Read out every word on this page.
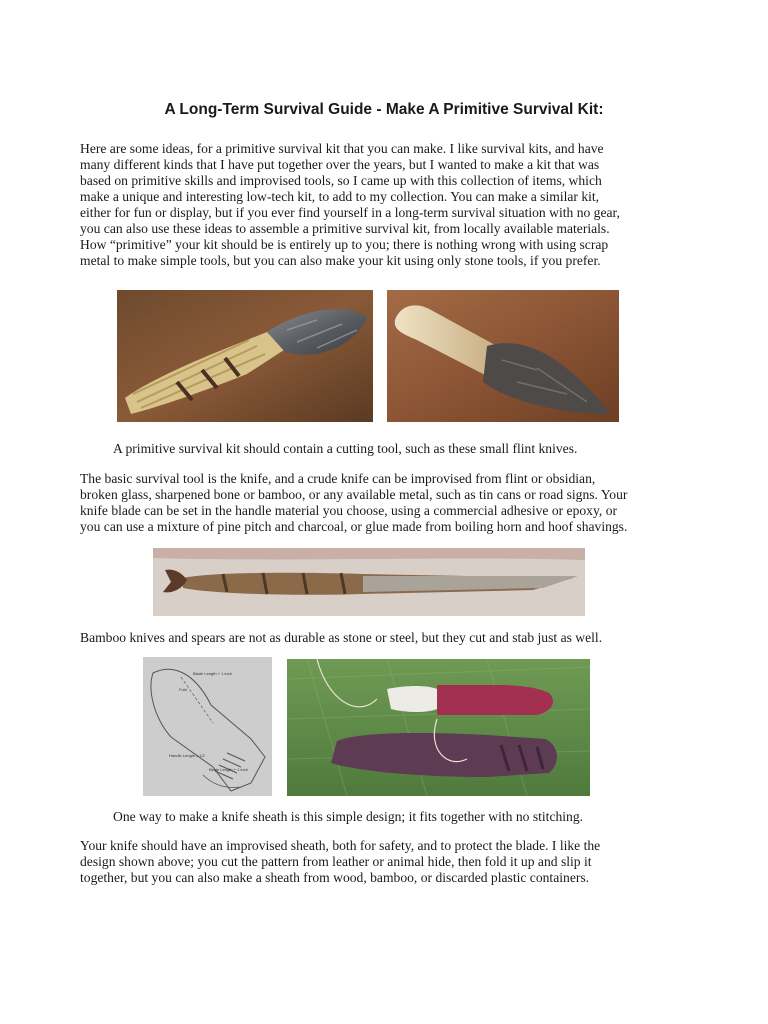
A Long-Term Survival Guide - Make A Primitive Survival Kit:
Here are some ideas, for a primitive survival kit that you can make. I like survival kits, and have
many different kinds that I have put together over the years, but I wanted to make a kit that was
based on primitive skills and improvised tools, so I came up with this collection of items, which
make a unique and interesting low-tech kit, to add to my collection. You can make a similar kit,
either for fun or display, but if you ever find yourself in a long-term survival situation with no gear,
you can also use these ideas to assemble a primitive survival kit, from locally available materials.
How “primitive” your kit should be is entirely up to you; there is nothing wrong with using scrap
metal to make simple tools, but you can also make your kit using only stone tools, if you prefer.

A primitive survival kit should contain a cutting tool, such as these small flint knives.

The basic survival tool is the knife, and a crude knife can be improvised from flint or obsidian,
broken glass, sharpened bone or bamboo, or any available metal, such as tin cans or road signs. Your
knife blade can be set in the handle material you choose, using a commercial adhesive or epoxy, or
you can use a mixture of pine pitch and charcoal, or glue made from boiling horn and hoof shavings.

Bamboo knives and spears are not as durable as stone or steel, but they cut and stab just as well.

Blade Length + 1 inch
Fold
Handle Length x 1/2
Blade Length + 1 inch

One way to make a knife sheath is this simple design; it fits together with no stitching.

Your knife should have an improvised sheath, both for safety, and to protect the blade. I like the
design shown above; you cut the pattern from leather or animal hide, then fold it up and slip it
together, but you can also make a sheath from wood, bamboo, or discarded plastic containers.
